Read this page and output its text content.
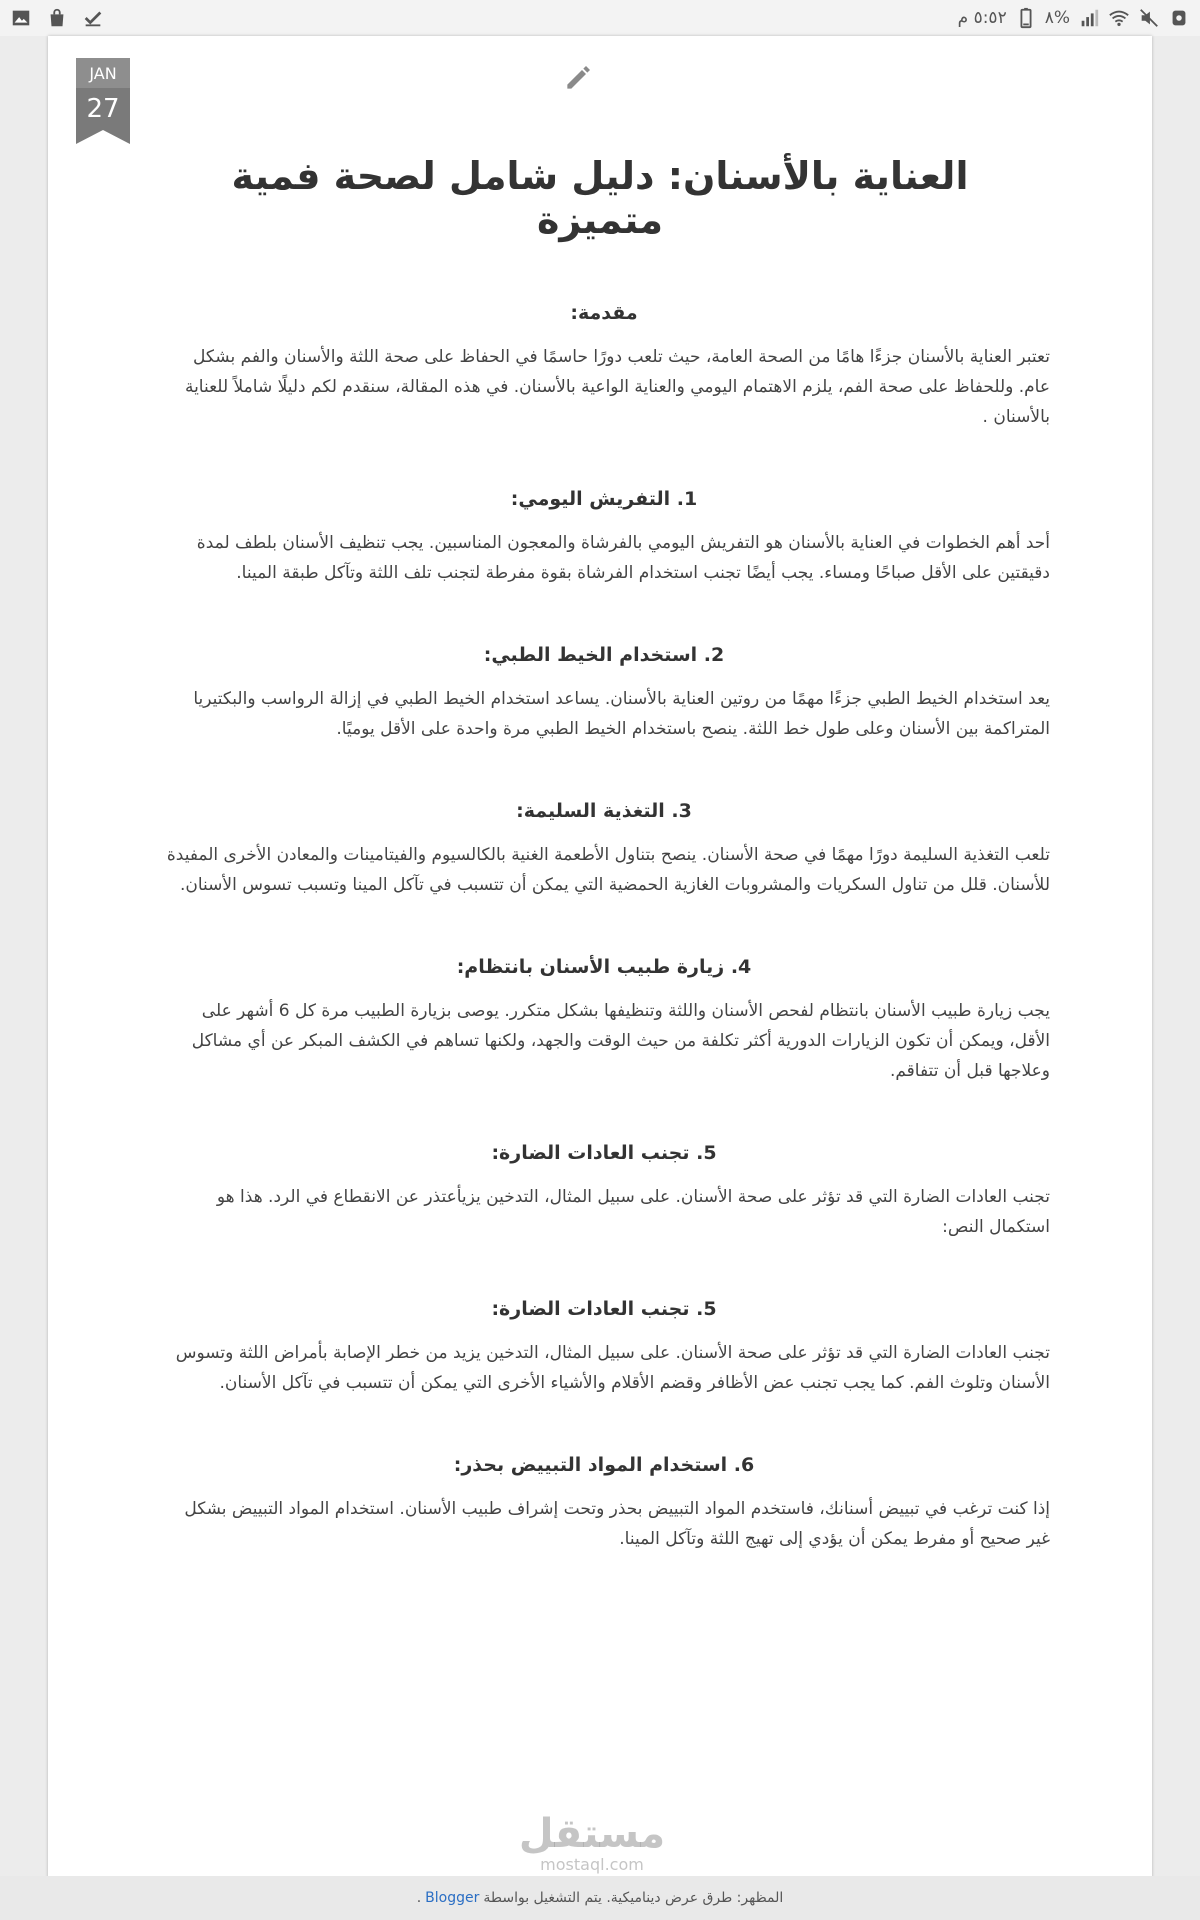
%٨
٥:٥٢ م
JAN
27
العناية بالأسنان: دليل شامل لصحة فمية متميزة

مقدمة:

تعتبر العناية بالأسنان جزءًا هامًا من الصحة العامة، حيث تلعب دورًا حاسمًا في الحفاظ على صحة اللثة والأسنان والفم بشكل عام. وللحفاظ على صحة الفم، يلزم الاهتمام اليومي والعناية الواعية بالأسنان. في هذه المقالة، سنقدم لكم دليلًا شاملاً للعناية بالأسنان .

1. التفريش اليومي:

أحد أهم الخطوات في العناية بالأسنان هو التفريش اليومي بالفرشاة والمعجون المناسبين. يجب تنظيف الأسنان بلطف لمدة دقيقتين على الأقل صباحًا ومساء. يجب أيضًا تجنب استخدام الفرشاة بقوة مفرطة لتجنب تلف اللثة وتآكل طبقة المينا.

2. استخدام الخيط الطبي:

يعد استخدام الخيط الطبي جزءًا مهمًا من روتين العناية بالأسنان. يساعد استخدام الخيط الطبي في إزالة الرواسب والبكتيريا المتراكمة بين الأسنان وعلى طول خط اللثة. ينصح باستخدام الخيط الطبي مرة واحدة على الأقل يوميًا.

3. التغذية السليمة:

تلعب التغذية السليمة دورًا مهمًا في صحة الأسنان. ينصح بتناول الأطعمة الغنية بالكالسيوم والفيتامينات والمعادن الأخرى المفيدة للأسنان. قلل من تناول السكريات والمشروبات الغازية الحمضية التي يمكن أن تتسبب في تآكل المينا وتسبب تسوس الأسنان.

4. زيارة طبيب الأسنان بانتظام:

يجب زيارة طبيب الأسنان بانتظام لفحص الأسنان واللثة وتنظيفها بشكل متكرر. يوصى بزيارة الطبيب مرة كل 6 أشهر على الأقل، ويمكن أن تكون الزيارات الدورية أكثر تكلفة من حيث الوقت والجهد، ولكنها تساهم في الكشف المبكر عن أي مشاكل وعلاجها قبل أن تتفاقم.

5. تجنب العادات الضارة:

تجنب العادات الضارة التي قد تؤثر على صحة الأسنان. على سبيل المثال، التدخين يزيأعتذر عن الانقطاع في الرد. هذا هو استكمال النص:

5. تجنب العادات الضارة:

تجنب العادات الضارة التي قد تؤثر على صحة الأسنان. على سبيل المثال، التدخين يزيد من خطر الإصابة بأمراض اللثة وتسوس الأسنان وتلوث الفم. كما يجب تجنب عض الأظافر وقضم الأقلام والأشياء الأخرى التي يمكن أن تتسبب في تآكل الأسنان.

6. استخدام المواد التبييض بحذر:

إذا كنت ترغب في تبييض أسنانك، فاستخدم المواد التبييض بحذر وتحت إشراف طبيب الأسنان. استخدام المواد التبييض بشكل غير صحيح أو مفرط يمكن أن يؤدي إلى تهيج اللثة وتآكل المينا.

مستقل
mostaql.com
المظهر: طرق عرض ديناميكية. يتم التشغيل بواسطة
Blogger
.
